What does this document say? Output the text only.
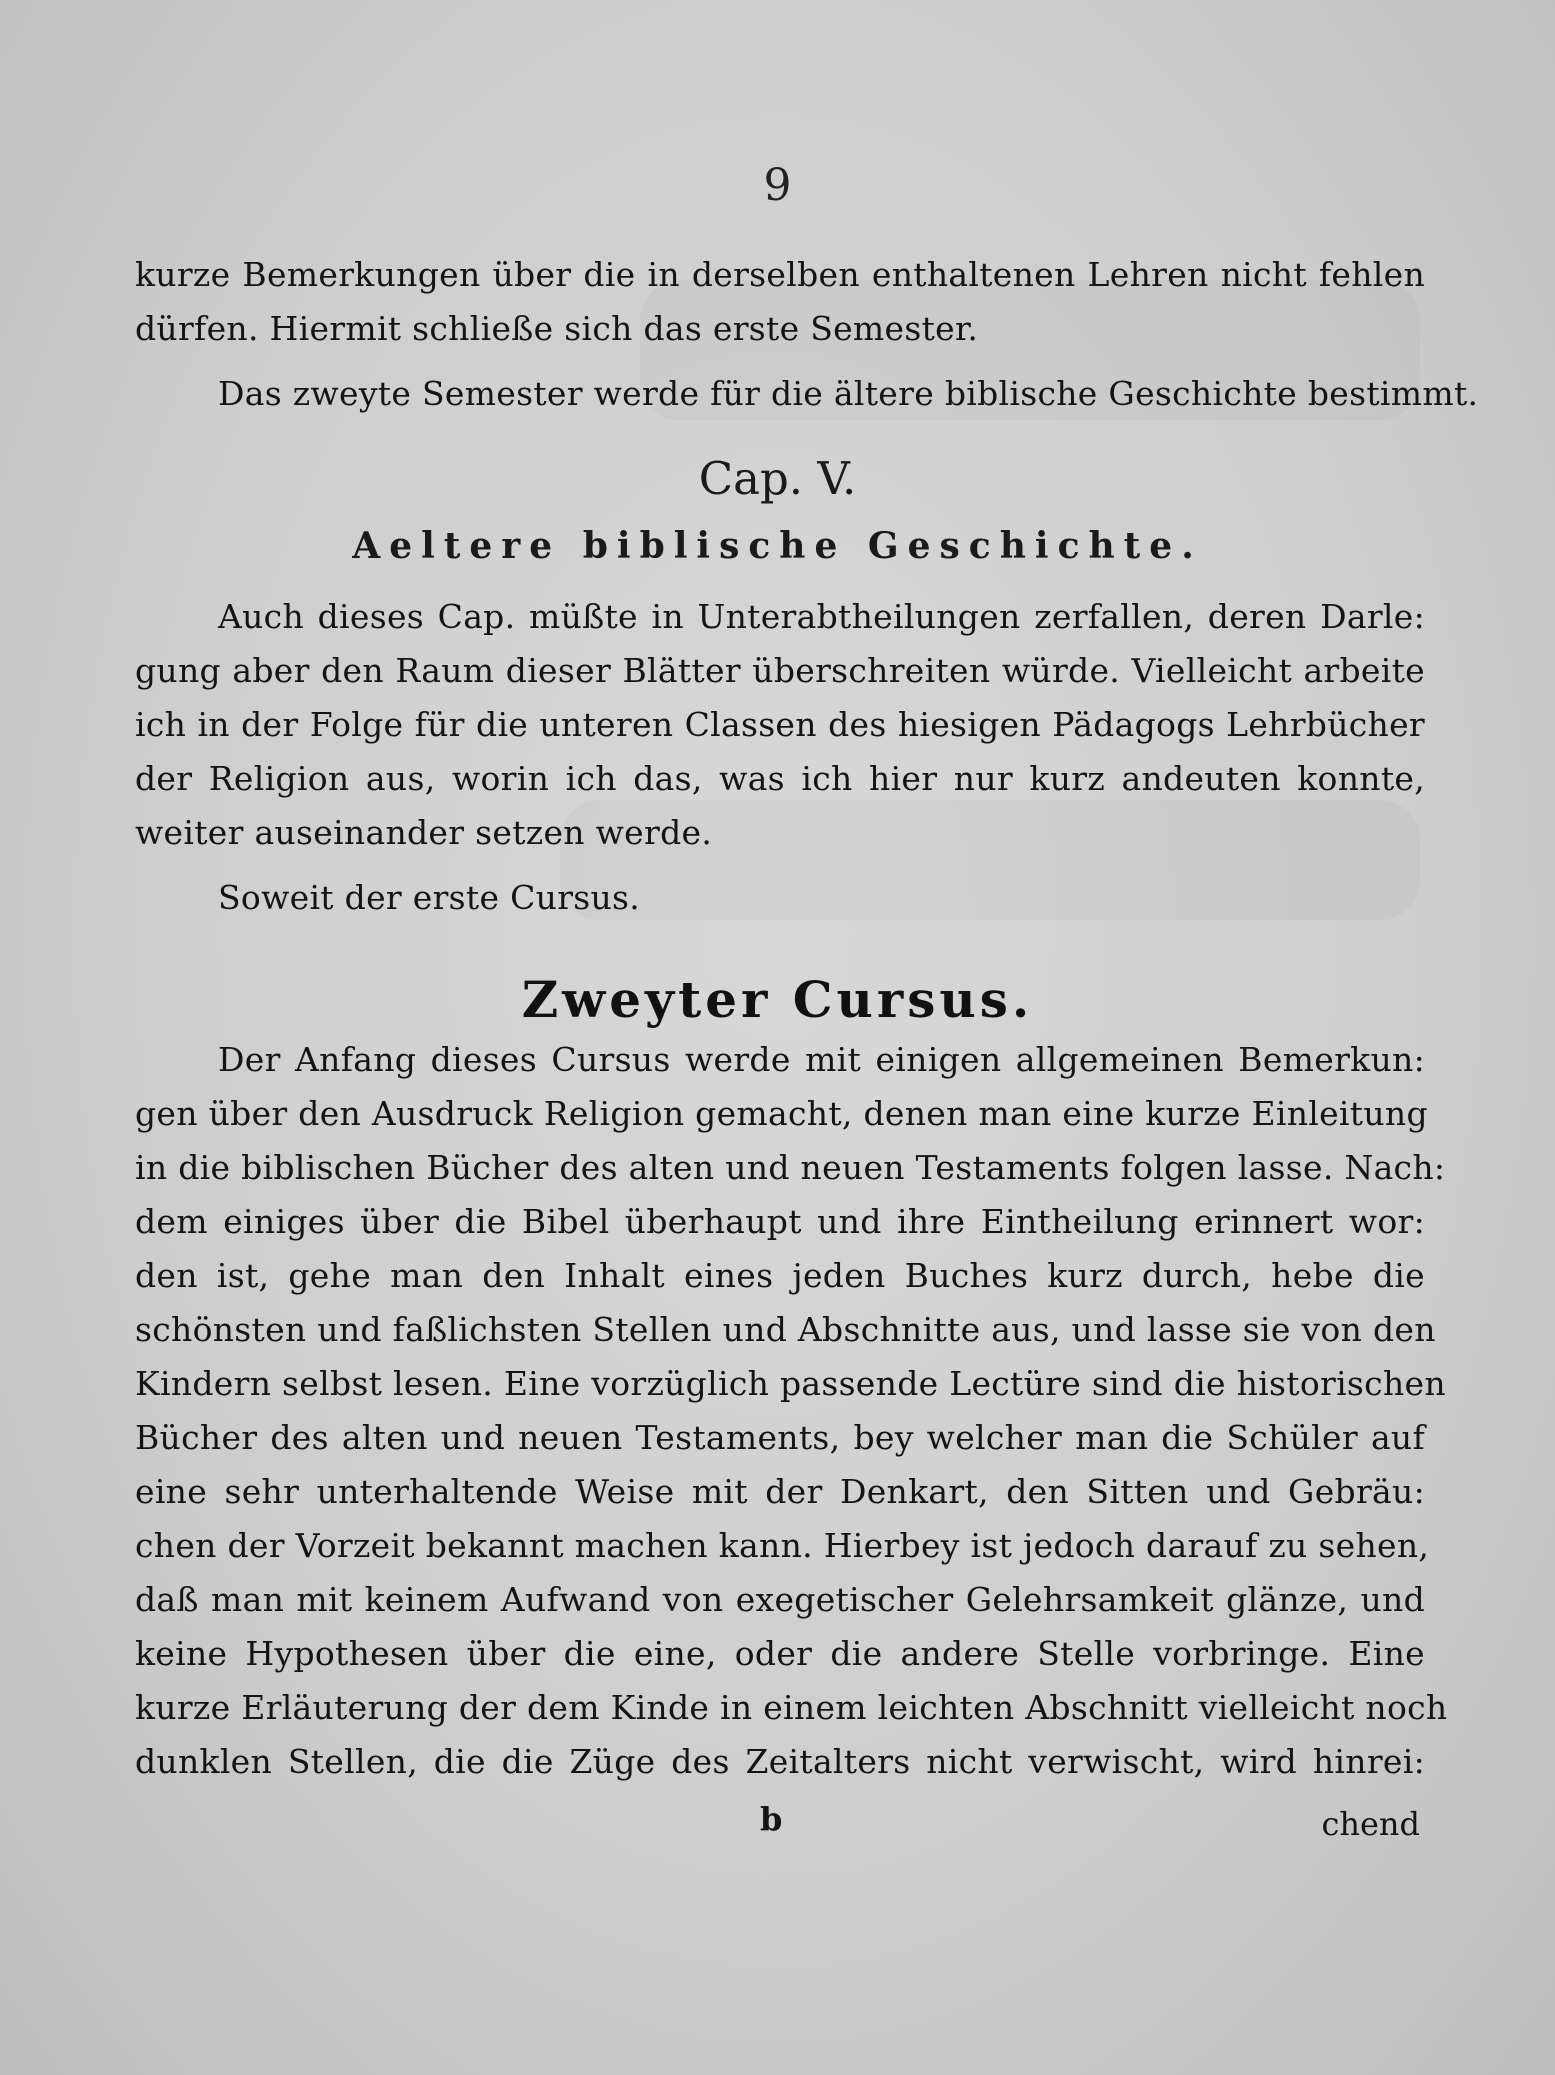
9
kurze Bemerkungen über die in derselben enthaltenen Lehren nicht fehlen
dürfen. Hiermit schließe sich das erste Semester.
Das zweyte Semester werde für die ältere biblische Geschichte bestimmt.
Cap. V.
Aeltere biblische Geschichte.
Auch dieses Cap. müßte in Unterabtheilungen zerfallen, deren Darle:
gung aber den Raum dieser Blätter überschreiten würde. Vielleicht arbeite
ich in der Folge für die unteren Classen des hiesigen Pädagogs Lehrbücher
der Religion aus, worin ich das, was ich hier nur kurz andeuten konnte,
weiter auseinander setzen werde.
Soweit der erste Cursus.
Zweyter Cursus.
Der Anfang dieses Cursus werde mit einigen allgemeinen Bemerkun:
gen über den Ausdruck Religion gemacht, denen man eine kurze Einleitung
in die biblischen Bücher des alten und neuen Testaments folgen lasse. Nach:
dem einiges über die Bibel überhaupt und ihre Eintheilung erinnert wor:
den ist, gehe man den Inhalt eines jeden Buches kurz durch, hebe die
schönsten und faßlichsten Stellen und Abschnitte aus, und lasse sie von den
Kindern selbst lesen. Eine vorzüglich passende Lectüre sind die historischen
Bücher des alten und neuen Testaments, bey welcher man die Schüler auf
eine sehr unterhaltende Weise mit der Denkart, den Sitten und Gebräu:
chen der Vorzeit bekannt machen kann. Hierbey ist jedoch darauf zu sehen,
daß man mit keinem Aufwand von exegetischer Gelehrsamkeit glänze, und
keine Hypothesen über die eine, oder die andere Stelle vorbringe. Eine
kurze Erläuterung der dem Kinde in einem leichten Abschnitt vielleicht noch
dunklen Stellen, die die Züge des Zeitalters nicht verwischt, wird hinrei:
b	chend
